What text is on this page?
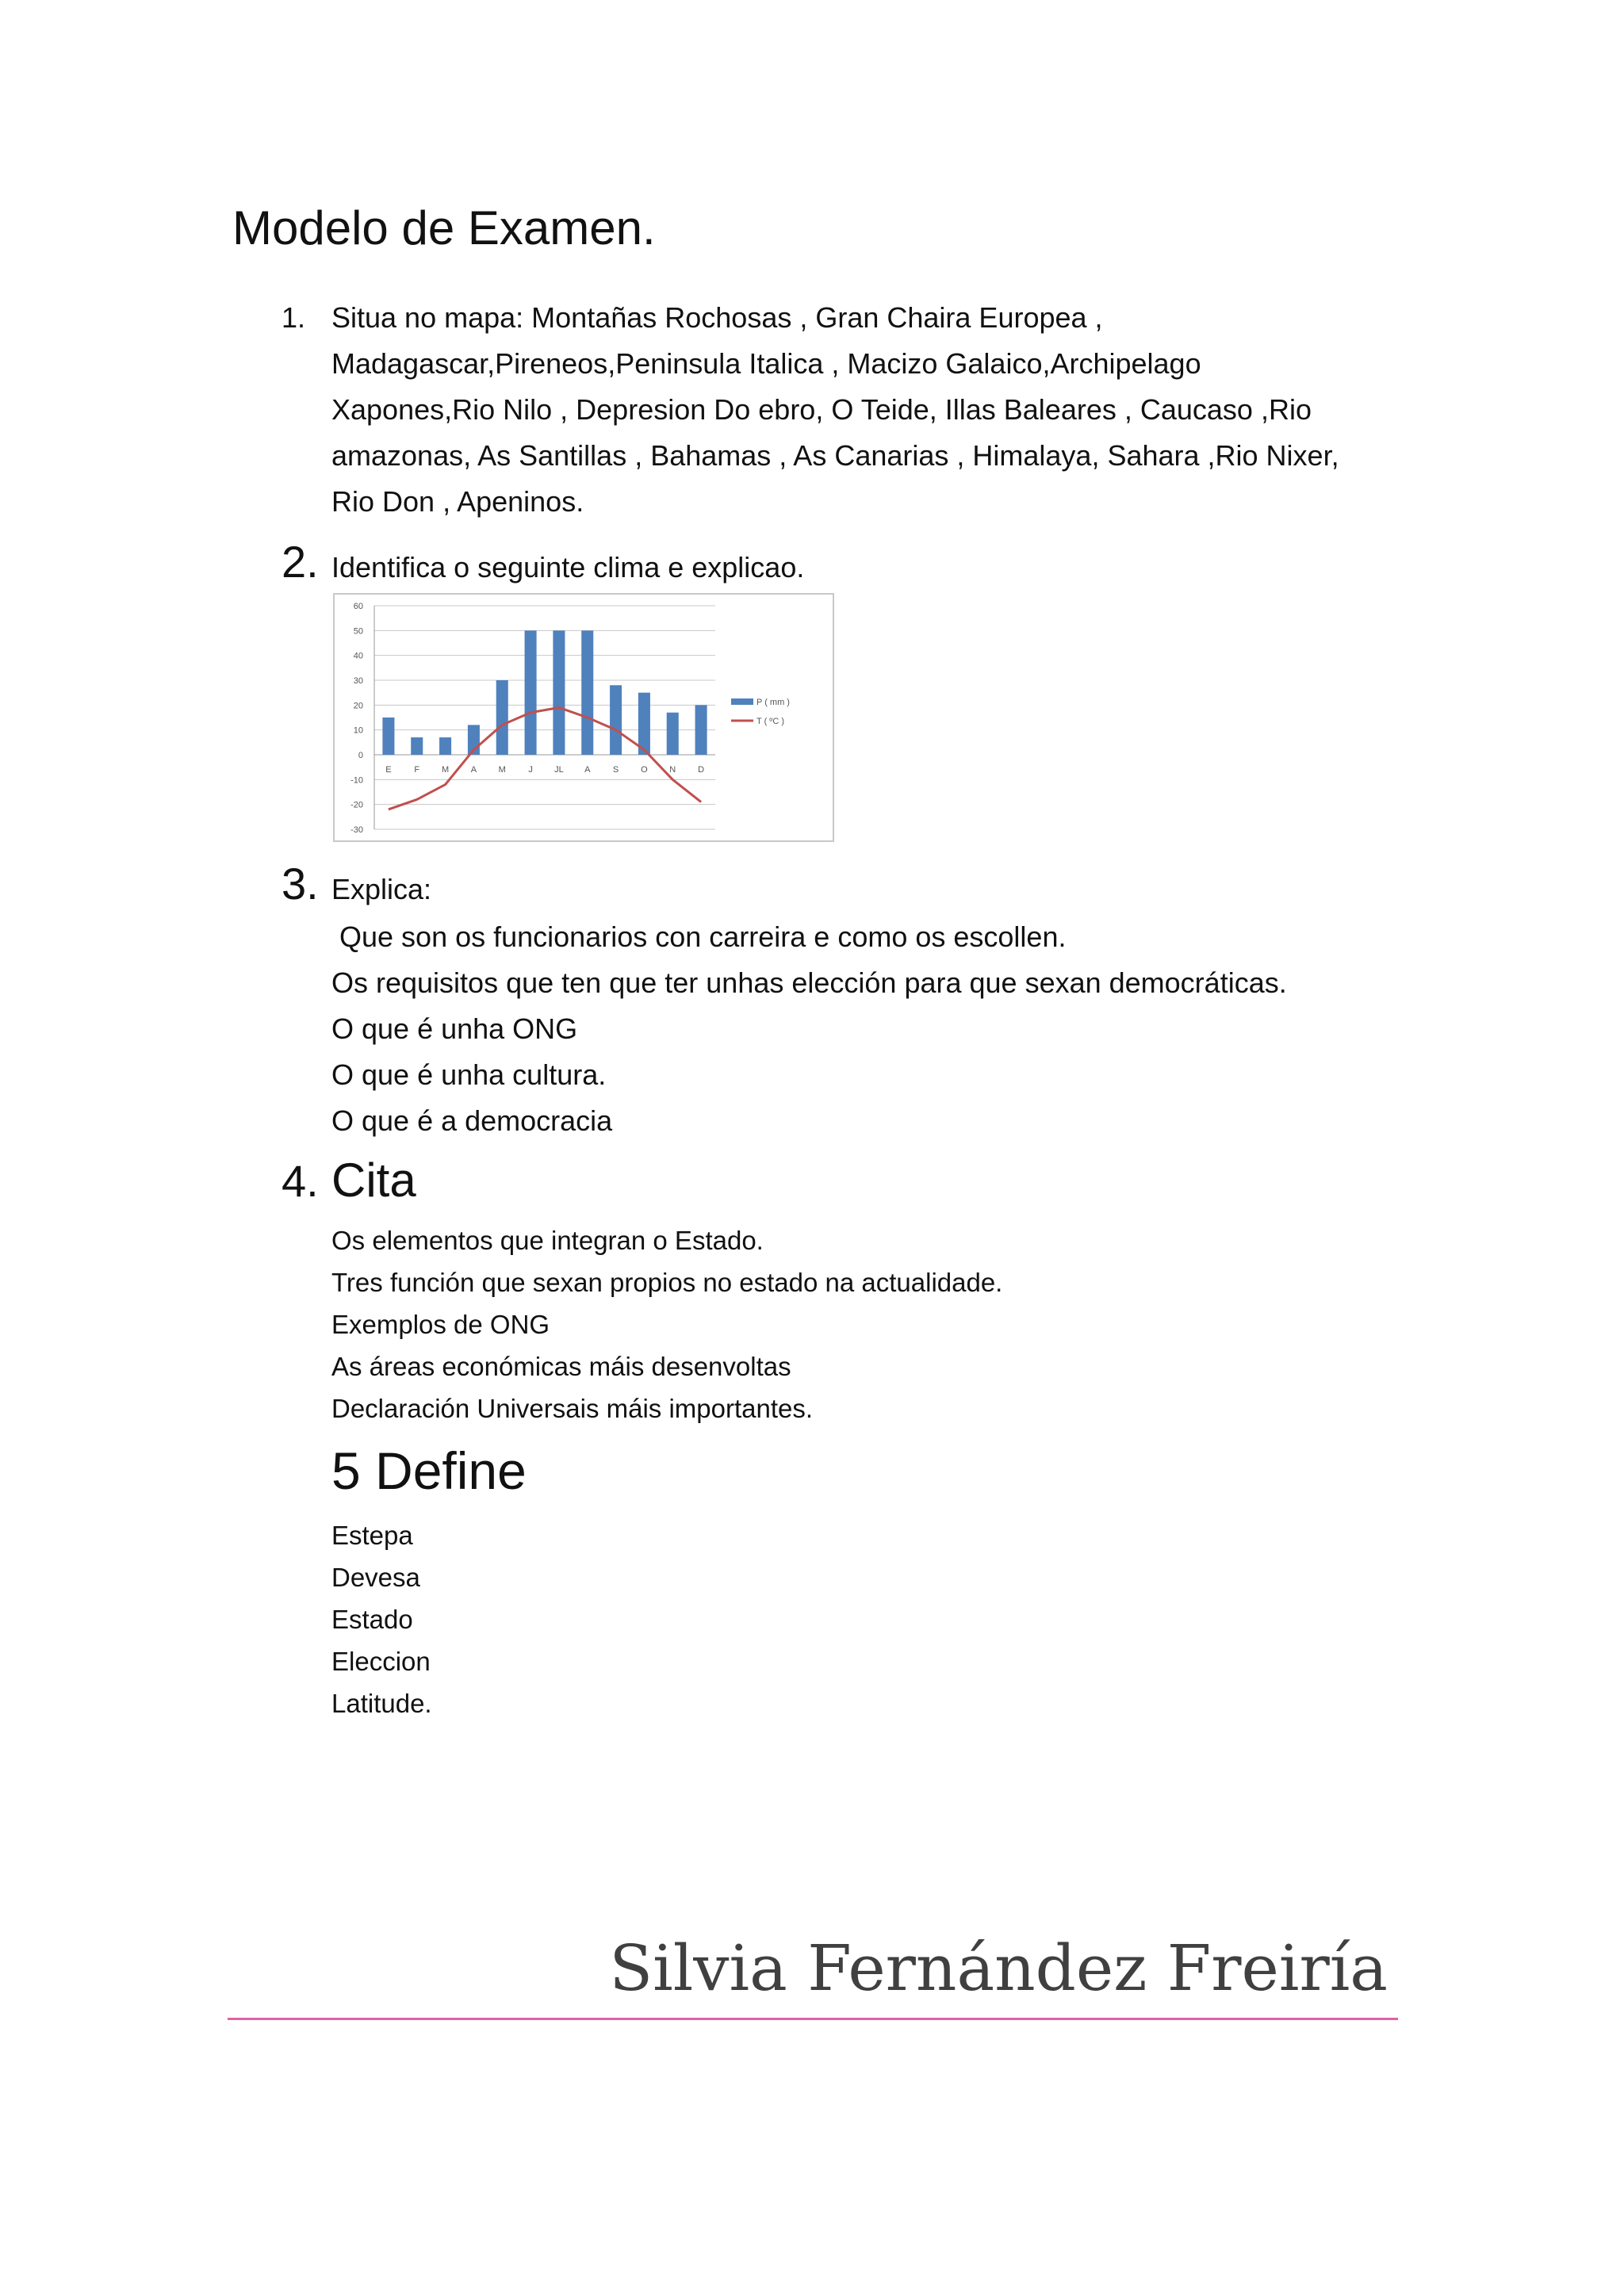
Modelo de Examen.
1. Situa no mapa: Montañas Rochosas , Gran Chaira Europea ,
Madagascar,Pireneos,Peninsula Italica , Macizo Galaico,Archipelago
Xapones,Rio Nilo , Depresion Do ebro, O Teide, Illas Baleares , Caucaso ,Rio
amazonas, As Santillas , Bahamas , As Canarias , Himalaya, Sahara ,Rio Nixer,
Rio Don , Apeninos.
2. Identifica o seguinte clima e explicao.
60
50
40
30
20
10
0
-10
-20
-30
E	F	M	A	M	J JL A	S	O	N	D
P ( mm )
T ( ºC )
3. Explica:
Que son os funcionarios con carreira e como os escollen.
Os requisitos que ten que ter unhas elección para que sexan democráticas.
O que é unha ONG
O que é unha cultura.
O que é a democracia
4. Cita
Os elementos que integran o Estado.
Tres función que sexan propios no estado na actualidade.
Exemplos de ONG
As áreas económicas máis desenvoltas
Declaración Universais máis importantes.
5 Define
Estepa
Devesa
Estado
Eleccion
Latitude.
Silvia Fernández Freiría
